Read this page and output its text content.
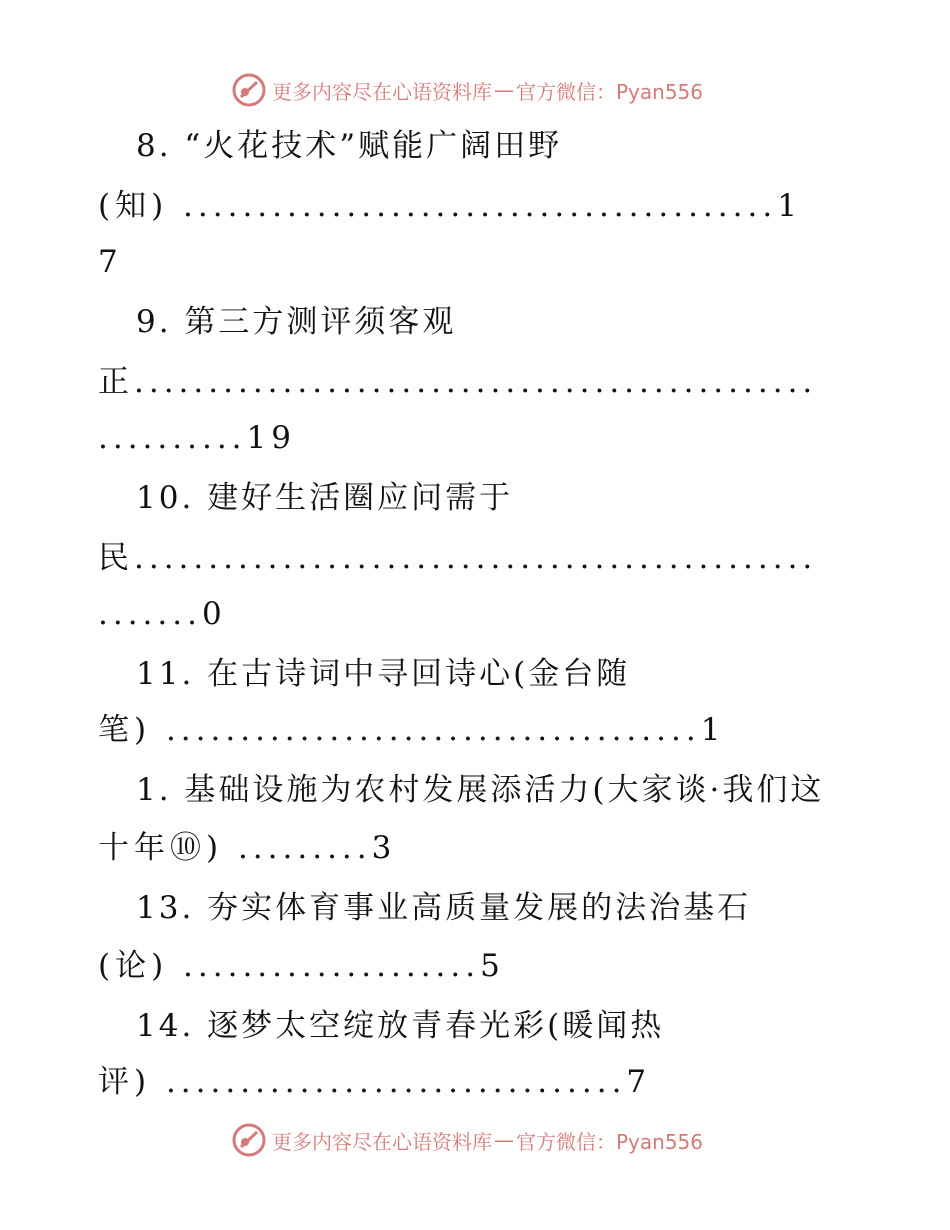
更多内容尽在心语资料库 — 官方微信：Pyan556
8. “火花技术”赋能广阔田野
(知) ........................................1
7
9. 第三方测评须客观
正..............................................
..........19
10. 建好生活圈应问需于
民..............................................
.......0
11. 在古诗词中寻回诗心(金台随
笔) ....................................1
1. 基础设施为农村发展添活力(大家谈·我们这
十年⑩) .........3
13. 夯实体育事业高质量发展的法治基石
(论) ....................5
14. 逐梦太空绽放青春光彩(暖闻热
评) ...............................7
更多内容尽在心语资料库 — 官方微信：Pyan556
